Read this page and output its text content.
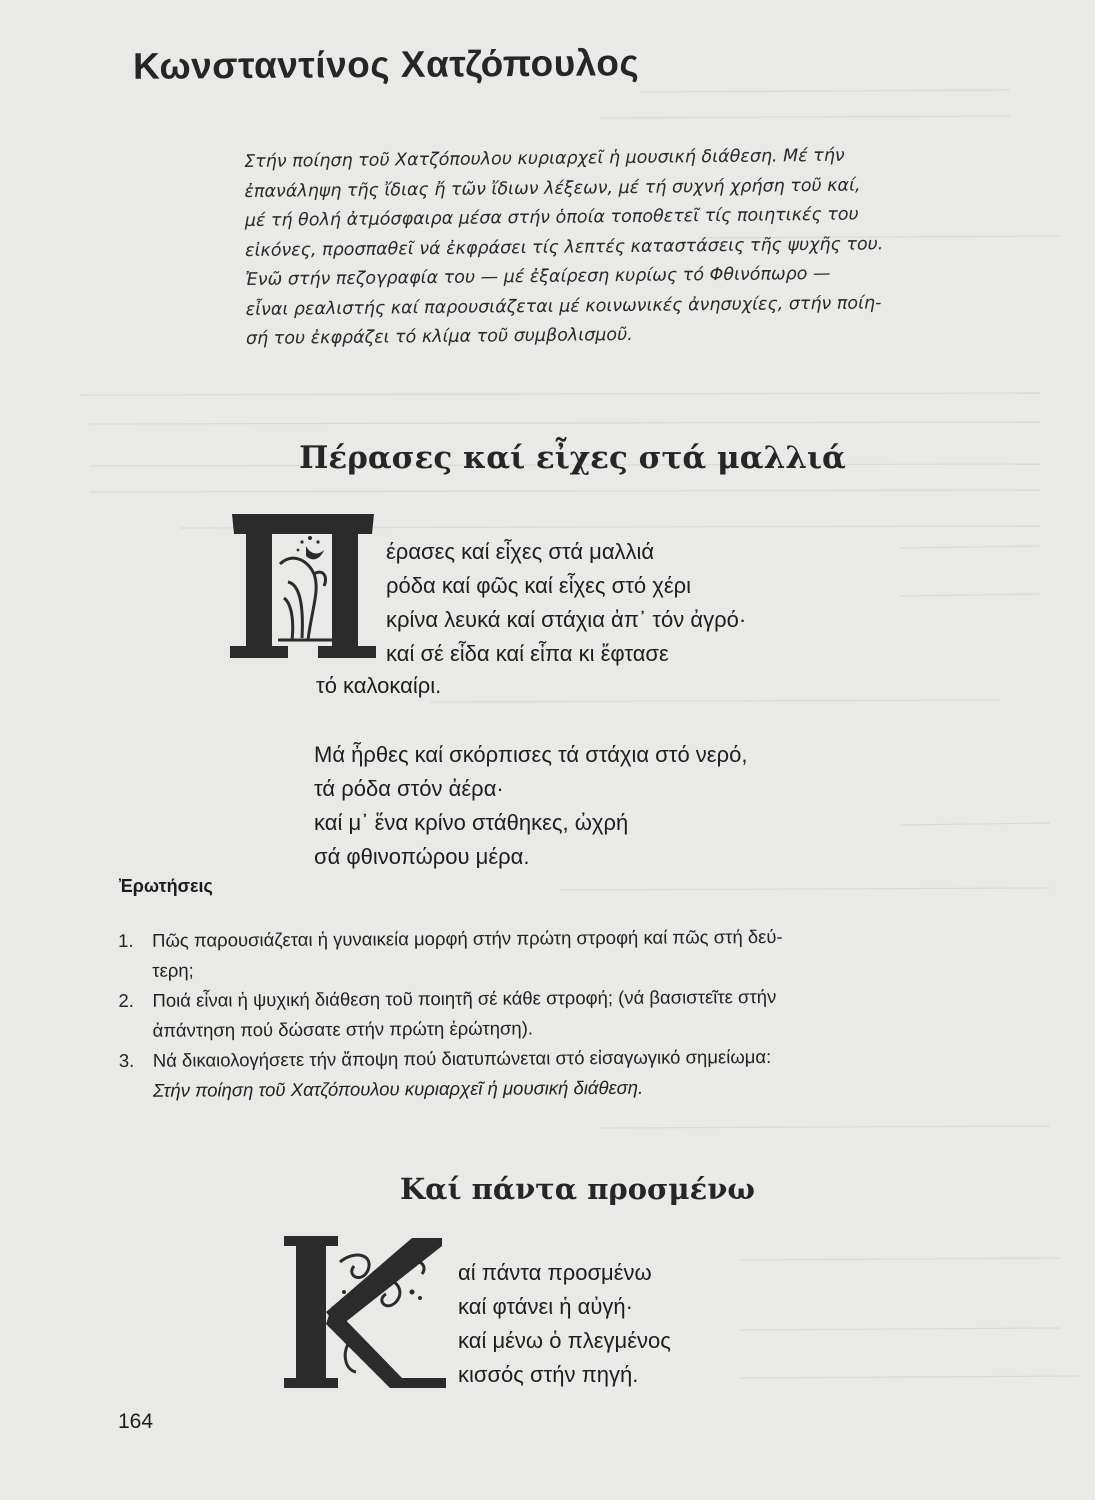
Κωνσταντίνος Χατζόπουλος
Στήν ποίηση τοῦ Χατζόπουλου κυριαρχεῖ ἡ μουσική διάθεση. Μέ τήν
ἐπανάληψη τῆς ἴδιας ἤ τῶν ἴδιων λέξεων, μέ τή συχνή χρήση τοῦ καί,
μέ τή θολή ἀτμόσφαιρα μέσα στήν ὁποία τοποθετεῖ τίς ποιητικές του
εἰκόνες, προσπαθεῖ νά ἐκφράσει τίς λεπτές καταστάσεις τῆς ψυχῆς του.
Ἐνῶ στήν πεζογραφία του — μέ ἐξαίρεση κυρίως τό Φθινόπωρο —
εἶναι ρεαλιστής καί παρουσιάζεται μέ κοινωνικές ἀνησυχίες, στήν ποίη-
σή του ἐκφράζει τό κλίμα τοῦ συμβολισμοῦ.
Πέρασες καί εἶχες στά μαλλιά
έρασες καί εἶχες στά μαλλιά
ρόδα καί φῶς καί εἶχες στό χέρι
κρίνα λευκά καί στάχια ἀπ᾽ τόν ἀγρό·
καί σέ εἶδα καί εἶπα κι ἔφτασε
τό καλοκαίρι.
Μά ἦρθες καί σκόρπισες τά στάχια στό νερό,
τά ρόδα στόν ἀέρα·
καί μ᾽ ἕνα κρίνο στάθηκες, ὠχρή
σά φθινοπώρου μέρα.
Ἐρωτήσεις
1. Πῶς παρουσιάζεται ἡ γυναικεία μορφή στήν πρώτη στροφή καί πῶς στή δεύ-
τερη;
2. Ποιά εἶναι ἡ ψυχική διάθεση τοῦ ποιητῆ σέ κάθε στροφή; (νά βασιστεῖτε στήν
ἀπάντηση πού δώσατε στήν πρώτη ἐρώτηση).
3. Νά δικαιολογήσετε τήν ἄποψη πού διατυπώνεται στό εἰσαγωγικό σημείωμα:
Στήν ποίηση τοῦ Χατζόπουλου κυριαρχεῖ ἡ μουσική διάθεση.
Καί πάντα προσμένω
αί πάντα προσμένω
καί φτάνει ἡ αὐγή·
καί μένω ὁ πλεγμένος
κισσός στήν πηγή.
164
